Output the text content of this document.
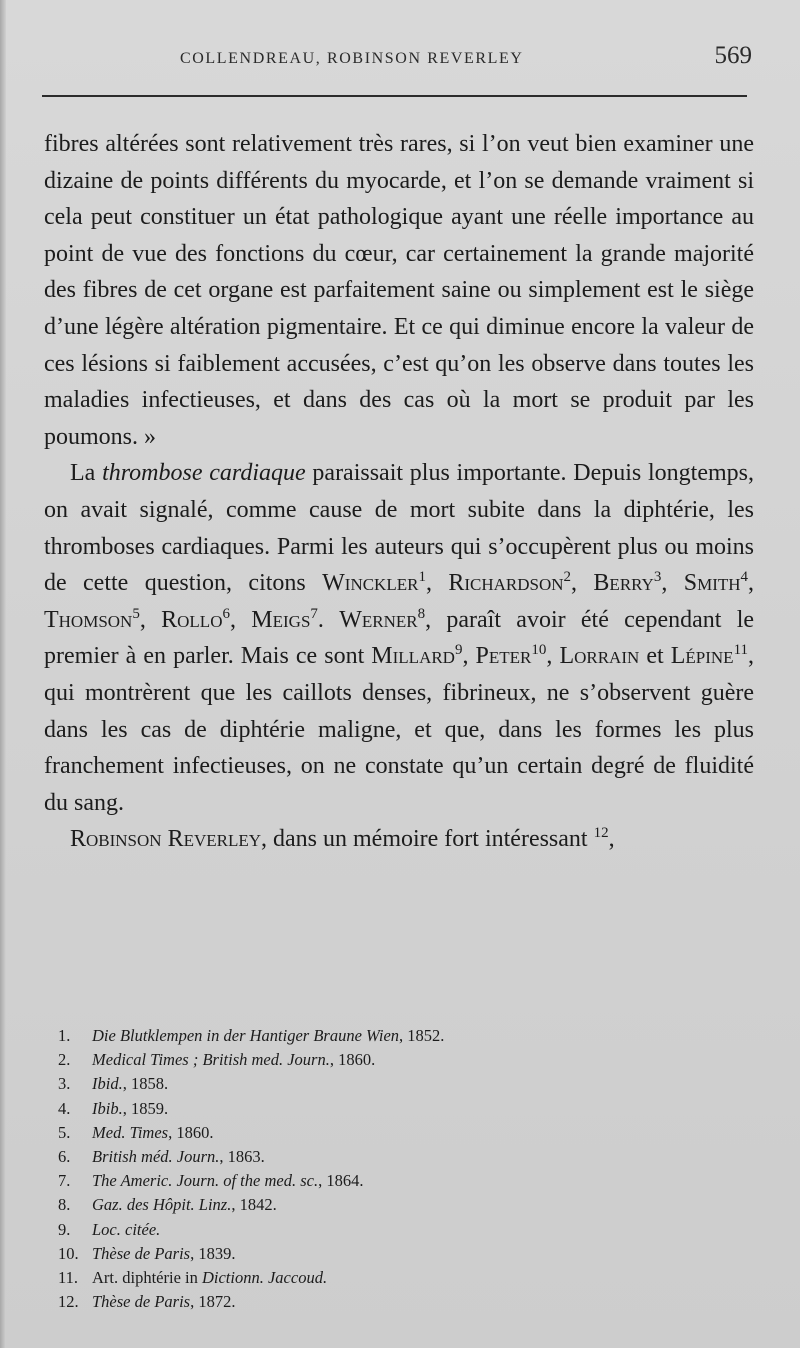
COLLENDREAU, ROBINSON REVERLEY	569

fibres altérées sont relativement très rares, si l’on veut bien examiner une dizaine de points différents du myocarde, et l’on se demande vraiment si cela peut constituer un état pathologique ayant une réelle importance au point de vue des fonctions du cœur, car certainement la grande majorité des fibres de cet organe est parfaitement saine ou simplement est le siège d’une légère altération pigmentaire. Et ce qui diminue encore la valeur de ces lésions si faiblement accusées, c’est qu’on les observe dans toutes les maladies infectieuses, et dans des cas où la mort se produit par les poumons. »

La thrombose cardiaque paraissait plus importante. Depuis longtemps, on avait signalé, comme cause de mort subite dans la diphtérie, les thromboses cardiaques. Parmi les auteurs qui s’occupèrent plus ou moins de cette question, citons Winckler$^1$, Richardson$^2$, Berry$^3$, Smith$^4$, Thomson$^5$, Rollo$^6$, Meigs$^7$. Werner$^8$, paraît avoir été cependant le premier à en parler. Mais ce sont Millard$^9$, Peter$^{10}$, Lorrain et Lépine$^{11}$, qui montrèrent que les caillots denses, fibrineux, ne s’observent guère dans les cas de diphtérie maligne, et que, dans les formes les plus franchement infectieuses, on ne constate qu’un certain degré de fluidité du sang.

Robinson Reverley, dans un mémoire fort intéressant $^{12}$,

1.	Die Blutklempen in der Hantiger Braune Wien, 1852.
2.	Medical Times ; British med. Journ., 1860.
3.	Ibid., 1858.
4.	Ibib., 1859.
5.	Med. Times, 1860.
6.	British méd. Journ., 1863.
7.	The Americ. Journ. of the med. sc., 1864.
8.	Gaz. des Hôpit. Linz., 1842.
9.	Loc. citée.
10. Thèse de Paris, 1839.
11. Art. diphtérie in Dictionn. Jaccoud.
12. Thèse de Paris, 1872.
